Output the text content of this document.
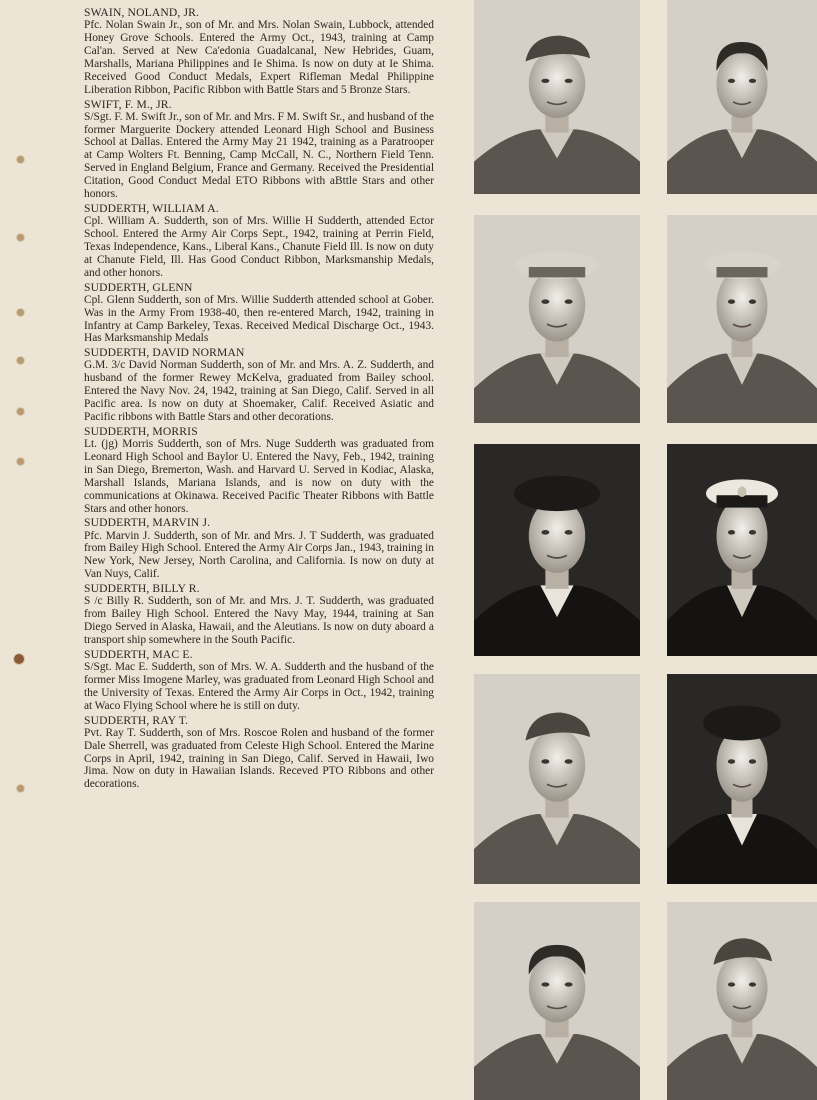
SWAIN, NOLAND, JR.

Pfc. Nolan Swain Jr., son of Mr. and Mrs. Nolan Swain, Lubbock, attended Honey Grove Schools. Entered the Army Oct., 1943, training at Camp Cal'an. Served at New Ca'edonia Guadalcanal, New Hebrides, Guam, Marshalls, Mariana Philippines and Ie Shima. Is now on duty at Ie Shima. Received Good Conduct Medals, Expert Rifleman Medal Philippine Liberation Ribbon, Pacific Ribbon with Battle Stars and 5 Bronze Stars.

SWIFT, F. M., JR.

S/Sgt. F. M. Swift Jr., son of Mr. and Mrs. F M. Swift Sr., and husband of the former Marguerite Dockery attended Leonard High School and Business School at Dallas. Entered the Army May 21 1942, training as a Paratrooper at Camp Wolters Ft. Benning, Camp McCall, N. C., Northern Field Tenn. Served in England Belgium, France and Germany. Received the Presidential Citation, Good Conduct Medal ETO Ribbons with aBttle Stars and other honors.

SUDDERTH, WILLIAM A.

Cpl. William A. Sudderth, son of Mrs. Willie H Sudderth, attended Ector School. Entered the Army Air Corps Sept., 1942, training at Perrin Field, Texas Independence, Kans., Liberal Kans., Chanute Field Ill. Is now on duty at Chanute Field, Ill. Has Good Conduct Ribbon, Marksmanship Medals, and other honors.

SUDDERTH, GLENN

Cpl. Glenn Sudderth, son of Mrs. Willie Sudderth attended school at Gober. Was in the Army From 1938-40, then re-entered March, 1942, training in Infantry at Camp Barkeley, Texas. Received Medical Discharge Oct., 1943. Has Marksmanship Medals

SUDDERTH, DAVID NORMAN

G.M. 3/c David Norman Sudderth, son of Mr. and Mrs. A. Z. Sudderth, and husband of the former Rewey McKelva, graduated from Bailey school. Entered the Navy Nov. 24, 1942, training at San Diego, Calif. Served in all Pacific area. Is now on duty at Shoemaker, Calif. Received Asiatic and Pacific ribbons with Battle Stars and other decorations.

SUDDERTH, MORRIS

Lt. (jg) Morris Sudderth, son of Mrs. Nuge Sudderth was graduated from Leonard High School and Baylor U. Entered the Navy, Feb., 1942, training in San Diego, Bremerton, Wash. and Harvard U. Served in Kodiac, Alaska, Marshall Islands, Mariana Islands, and is now on duty with the communications at Okinawa. Received Pacific Theater Ribbons with Battle Stars and other honors.

SUDDERTH, MARVIN J.

Pfc. Marvin J. Sudderth, son of Mr. and Mrs. J. T Sudderth, was graduated from Bailey High School. Entered the Army Air Corps Jan., 1943, training in New York, New Jersey, North Carolina, and California. Is now on duty at Van Nuys, Calif.

SUDDERTH, BILLY R.

S /c Billy R. Sudderth, son of Mr. and Mrs. J. T. Sudderth, was graduated from Bailey High School. Entered the Navy May, 1944, training at San Diego Served in Alaska, Hawaii, and the Aleutians. Is now on duty aboard a transport ship somewhere in the South Pacific.

SUDDERTH, MAC E.

S/Sgt. Mac E. Sudderth, son of Mrs. W. A. Sudderth and the husband of the former Miss Imogene Marley, was graduated from Leonard High School and the University of Texas. Entered the Army Air Corps in Oct., 1942, training at Waco Flying School where he is still on duty.

SUDDERTH, RAY T.

Pvt. Ray T. Sudderth, son of Mrs. Roscoe Rolen and husband of the former Dale Sherrell, was graduated from Celeste High School. Entered the Marine Corps in April, 1942, training in San Diego, Calif. Served in Hawaii, Iwo Jima. Now on duty in Hawaiian Islands. Receved PTO Ribbons and other decorations.
